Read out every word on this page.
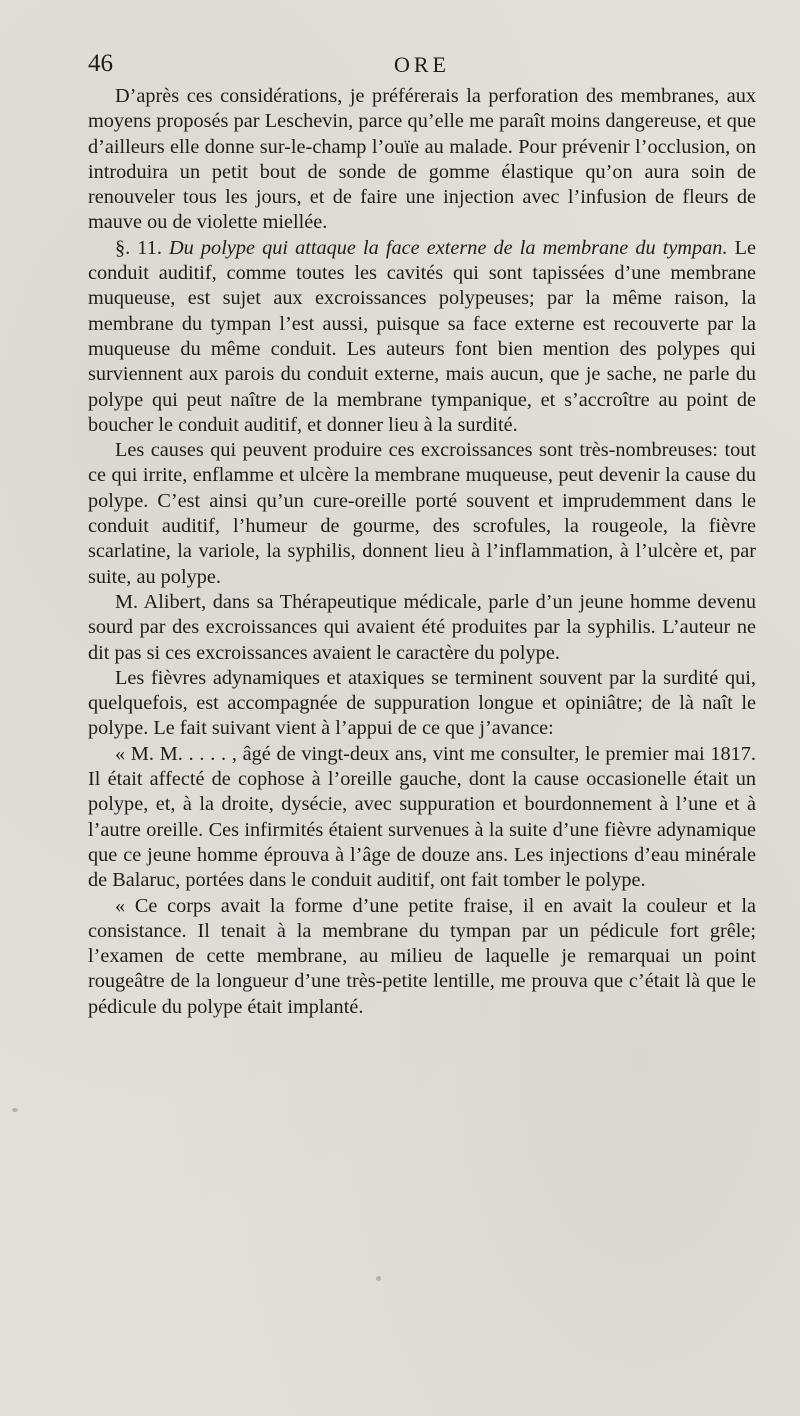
46	ORE

D’après ces considérations, je préférerais la perforation des membranes, aux moyens proposés par Leschevin, parce qu’elle me paraît moins dangereuse, et que d’ailleurs elle donne sur-le-champ l’ouïe au malade. Pour prévenir l’occlusion, on introduira un petit bout de sonde de gomme élastique qu’on aura soin de renouveler tous les jours, et de faire une injection avec l’infusion de fleurs de mauve ou de violette miellée.

§. 11. Du polype qui attaque la face externe de la membrane du tympan. Le conduit auditif, comme toutes les cavités qui sont tapissées d’une membrane muqueuse, est sujet aux excroissances polypeuses; par la même raison, la membrane du tympan l’est aussi, puisque sa face externe est recouverte par la muqueuse du même conduit. Les auteurs font bien mention des polypes qui surviennent aux parois du conduit externe, mais aucun, que je sache, ne parle du polype qui peut naître de la membrane tympanique, et s’accroître au point de boucher le conduit auditif, et donner lieu à la surdité.

Les causes qui peuvent produire ces excroissances sont très-nombreuses: tout ce qui irrite, enflamme et ulcère la membrane muqueuse, peut devenir la cause du polype. C’est ainsi qu’un cure-oreille porté souvent et imprudemment dans le conduit auditif, l’humeur de gourme, des scrofules, la rougeole, la fièvre scarlatine, la variole, la syphilis, donnent lieu à l’inflammation, à l’ulcère et, par suite, au polype.

M. Alibert, dans sa Thérapeutique médicale, parle d’un jeune homme devenu sourd par des excroissances qui avaient été produites par la syphilis. L’auteur ne dit pas si ces excroissances avaient le caractère du polype.

Les fièvres adynamiques et ataxiques se terminent souvent par la surdité qui, quelquefois, est accompagnée de suppuration longue et opiniâtre; de là naît le polype. Le fait suivant vient à l’appui de ce que j’avance:

« M. M. . . . . , âgé de vingt-deux ans, vint me consulter, le premier mai 1817. Il était affecté de cophose à l’oreille gauche, dont la cause occasionelle était un polype, et, à la droite, dysécie, avec suppuration et bourdonnement à l’une et à l’autre oreille. Ces infirmités étaient survenues à la suite d’une fièvre adynamique que ce jeune homme éprouva à l’âge de douze ans. Les injections d’eau minérale de Balaruc, portées dans le conduit auditif, ont fait tomber le polype.

« Ce corps avait la forme d’une petite fraise, il en avait la couleur et la consistance. Il tenait à la membrane du tympan par un pédicule fort grêle; l’examen de cette membrane, au milieu de laquelle je remarquai un point rougeâtre de la longueur d’une très-petite lentille, me prouva que c’était là que le pédicule du polype était implanté.
